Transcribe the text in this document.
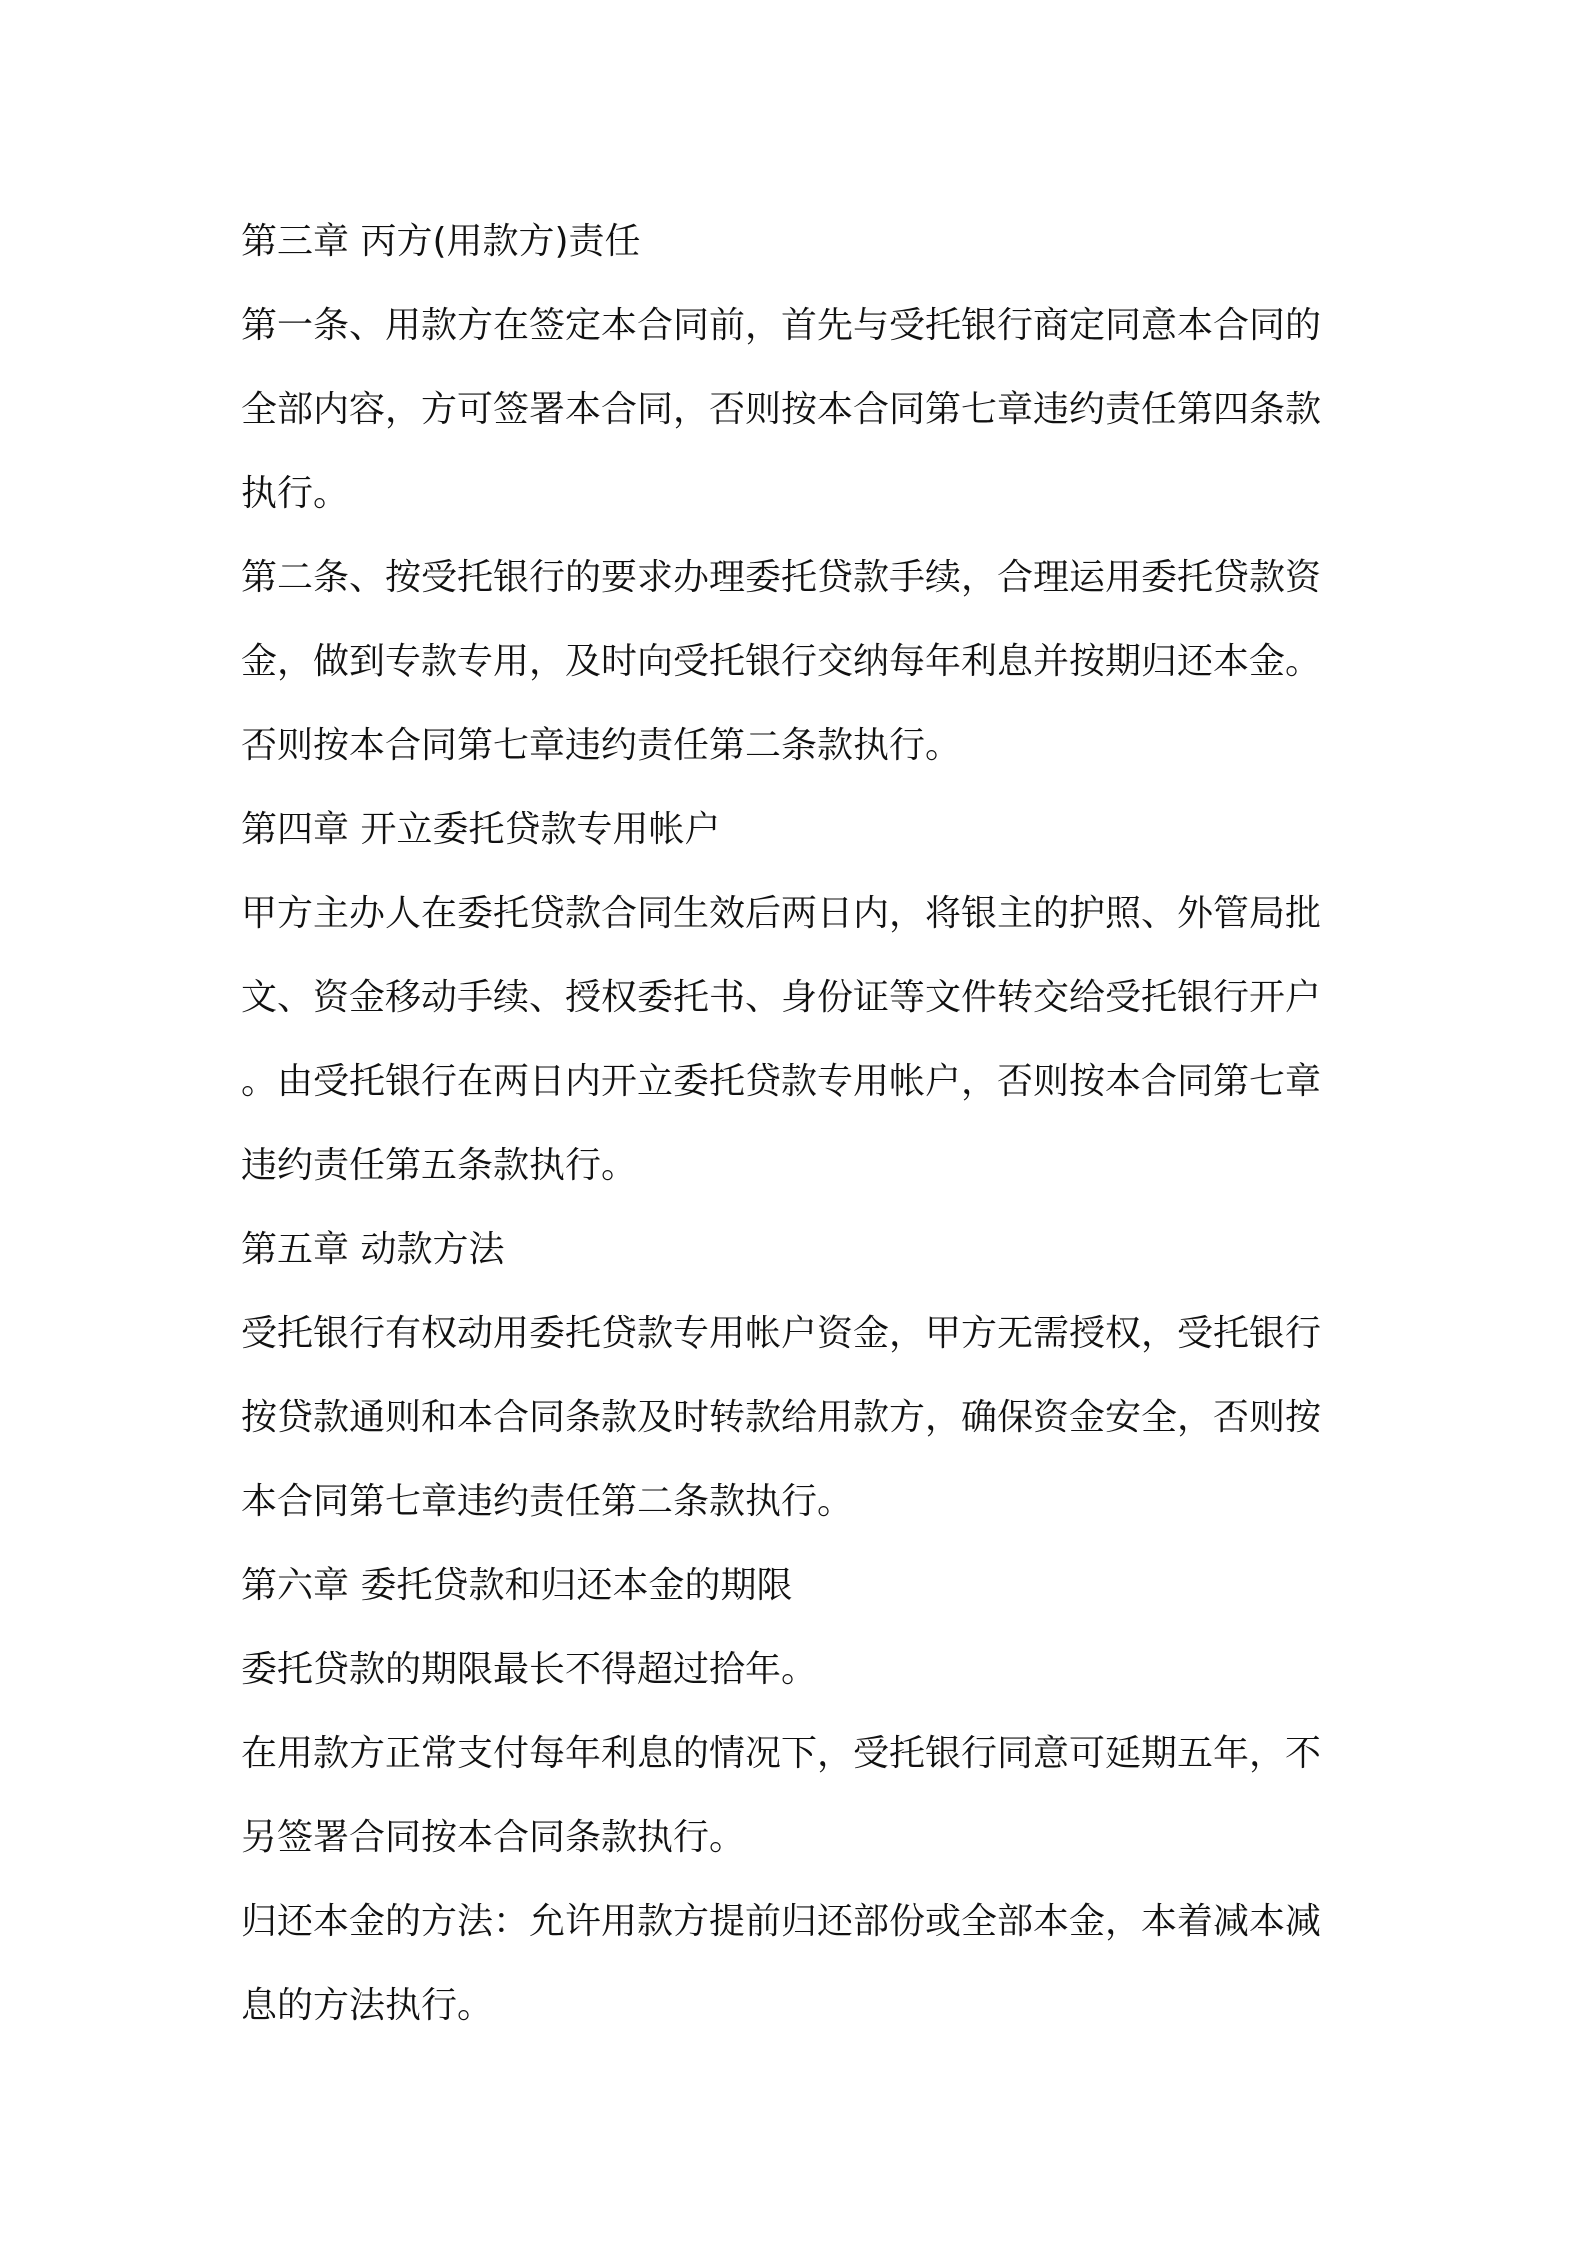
第三章 丙方(用款方)责任
第一条、用款方在签定本合同前，首先与受托银行商定同意本合同的
全部内容，方可签署本合同，否则按本合同第七章违约责任第四条款
执行。
第二条、按受托银行的要求办理委托贷款手续，合理运用委托贷款资
金，做到专款专用，及时向受托银行交纳每年利息并按期归还本金。
否则按本合同第七章违约责任第二条款执行。
第四章 开立委托贷款专用帐户
甲方主办人在委托贷款合同生效后两日内，将银主的护照、外管局批
文、资金移动手续、授权委托书、身份证等文件转交给受托银行开户
。由受托银行在两日内开立委托贷款专用帐户，否则按本合同第七章
违约责任第五条款执行。
第五章 动款方法
受托银行有权动用委托贷款专用帐户资金，甲方无需授权，受托银行
按贷款通则和本合同条款及时转款给用款方，确保资金安全，否则按
本合同第七章违约责任第二条款执行。
第六章 委托贷款和归还本金的期限
委托贷款的期限最长不得超过拾年。
在用款方正常支付每年利息的情况下，受托银行同意可延期五年，不
另签署合同按本合同条款执行。
归还本金的方法：允许用款方提前归还部份或全部本金，本着减本减
息的方法执行。
